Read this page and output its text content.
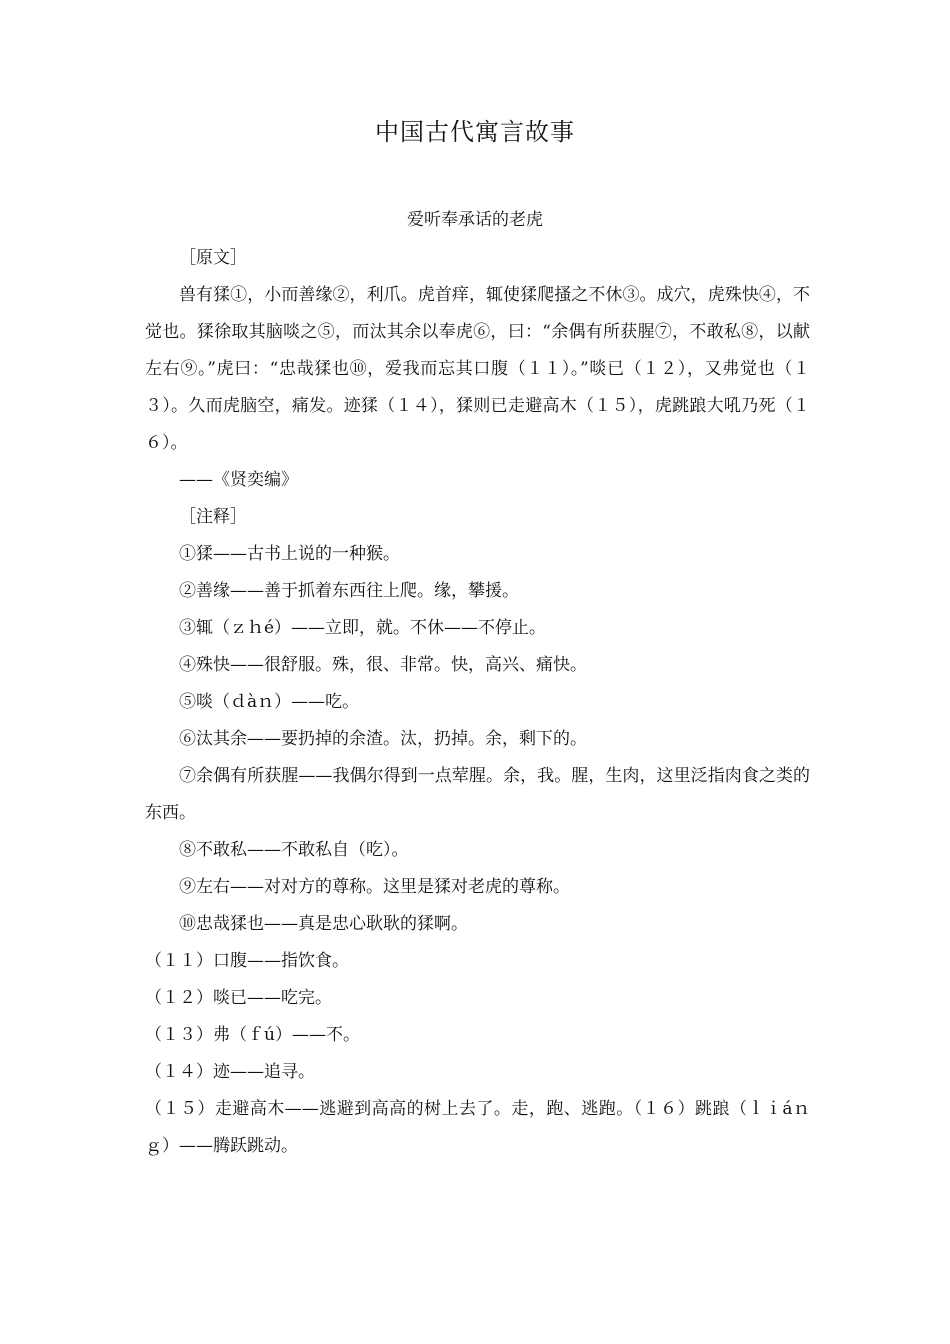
中国古代寓言故事
爱听奉承话的老虎

［原文］

兽有猱①，小而善缘②，利爪。虎首痒，辄使猱爬搔之不休③。成穴，虎殊快④，不觉也。猱徐取其脑啖之⑤，而汰其余以奉虎⑥，曰：“余偶有所获腥⑦，不敢私⑧，以献左右⑨。”虎曰：“忠哉猱也⑩，爱我而忘其口腹（１１）。”啖已（１２），又弗觉也（１３）。久而虎脑空，痛发。迹猱（１４），猱则已走避高木（１５），虎跳踉大吼乃死（１６）。

——《贤奕编》

［注释］

①猱——古书上说的一种猴。

②善缘——善于抓着东西往上爬。缘，攀援。

③辄（ｚｈé）——立即，就。不休——不停止。

④殊快——很舒服。殊，很、非常。快，高兴、痛快。

⑤啖（ｄàｎ）——吃。

⑥汰其余——要扔掉的余渣。汰，扔掉。余，剩下的。

⑦余偶有所获腥——我偶尔得到一点荤腥。余，我。腥，生肉，这里泛指肉食之类的东西。

⑧不敢私——不敢私自（吃）。

⑨左右——对对方的尊称。这里是猱对老虎的尊称。

⑩忠哉猱也——真是忠心耿耿的猱啊。

（１１）口腹——指饮食。

（１２）啖已——吃完。

（１３）弗（ｆú）——不。

（１４）迹——追寻。

（１５）走避高木——逃避到高高的树上去了。走，跑、逃跑。（１６）跳踉（ｌｉáｎｇ）——腾跃跳动。
